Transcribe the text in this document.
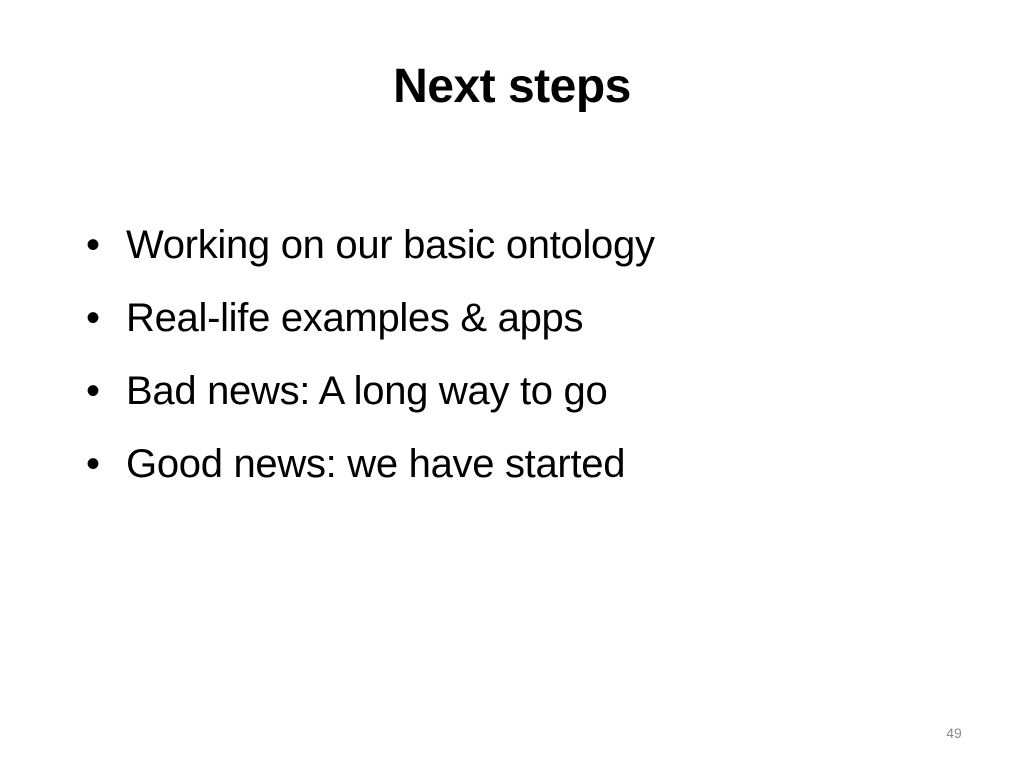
Next steps
• Working on our basic ontology
• Real-life examples & apps
• Bad news: A long way to go
• Good news: we have started
49
